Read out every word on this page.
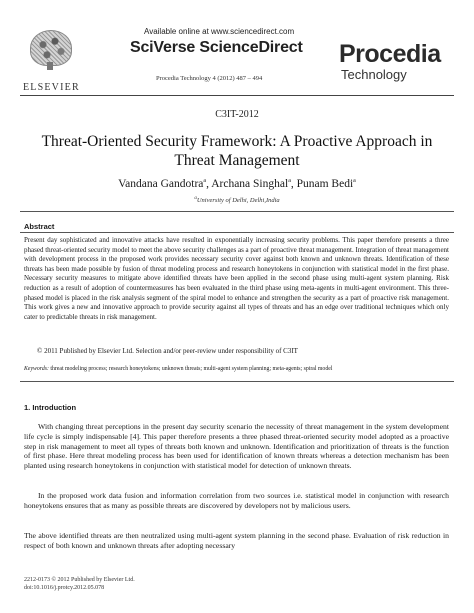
ELSEVIER
Available online at www.sciencedirect.com
SciVerse ScienceDirect
Procedia Technology 4 (2012) 487 – 494
Procedia
Technology
C3IT-2012
Threat-Oriented Security Framework: A Proactive Approach in Threat Management
Vandana Gandotra$^a$, Archana Singhal$^a$, Punam Bedi$^a$
$^a$University of Delhi, Delhi,India
Abstract
Present day sophisticated and innovative attacks have resulted in exponentially increasing security problems. This paper therefore presents a three phased threat-oriented security model to meet the above security challenges as a part of proactive threat management. Integration of threat management with development process in the proposed work provides necessary security cover against both known and unknown threats. Identification of these threats has been made possible by fusion of threat modeling process and research honeytokens in conjunction with statistical model in the first phase. Necessary security measures to mitigate above identified threats have been applied in the second phase using multi-agent system planning. Risk reduction as a result of adoption of countermeasures has been evaluated in the third phase using meta-agents in multi-agent environment. This three-phased model is placed in the risk analysis segment of the spiral model to enhance and strengthen the security as a part of proactive risk management. This work gives a new and innovative approach to provide security against all types of threats and has an edge over traditional techniques which only cater to predictable threats in risk management.
© 2011 Published by Elsevier Ltd. Selection and/or peer-review under responsibility of C3IT
Keywords: threat modeling process; research honeytokens; unknown threats; multi-agent system planning; meta-agents; spiral model
1. Introduction
With changing threat perceptions in the present day security scenario the necessity of threat management in the system development life cycle is simply indispensable [4]. This paper therefore presents a three phased threat-oriented security model adopted as a proactive step in risk management to meet all types of threats both known and unknown. Identification and prioritization of threats is the function of first phase. Here threat modeling process has been used for identification of known threats whereas a detection mechanism has been planted using research honeytokens in conjunction with statistical model for detection of unknown threats.
In the proposed work data fusion and information correlation from two sources i.e. statistical model in conjunction with research honeytokens ensures that as many as possible threats are discovered by developers not by malicious users.
The above identified threats are then neutralized using multi-agent system planning in the second phase. Evaluation of risk reduction in respect of both known and unknown threats after adopting necessary
2212-0173 © 2012 Published by Elsevier Ltd.
doi:10.1016/j.protcy.2012.05.078
